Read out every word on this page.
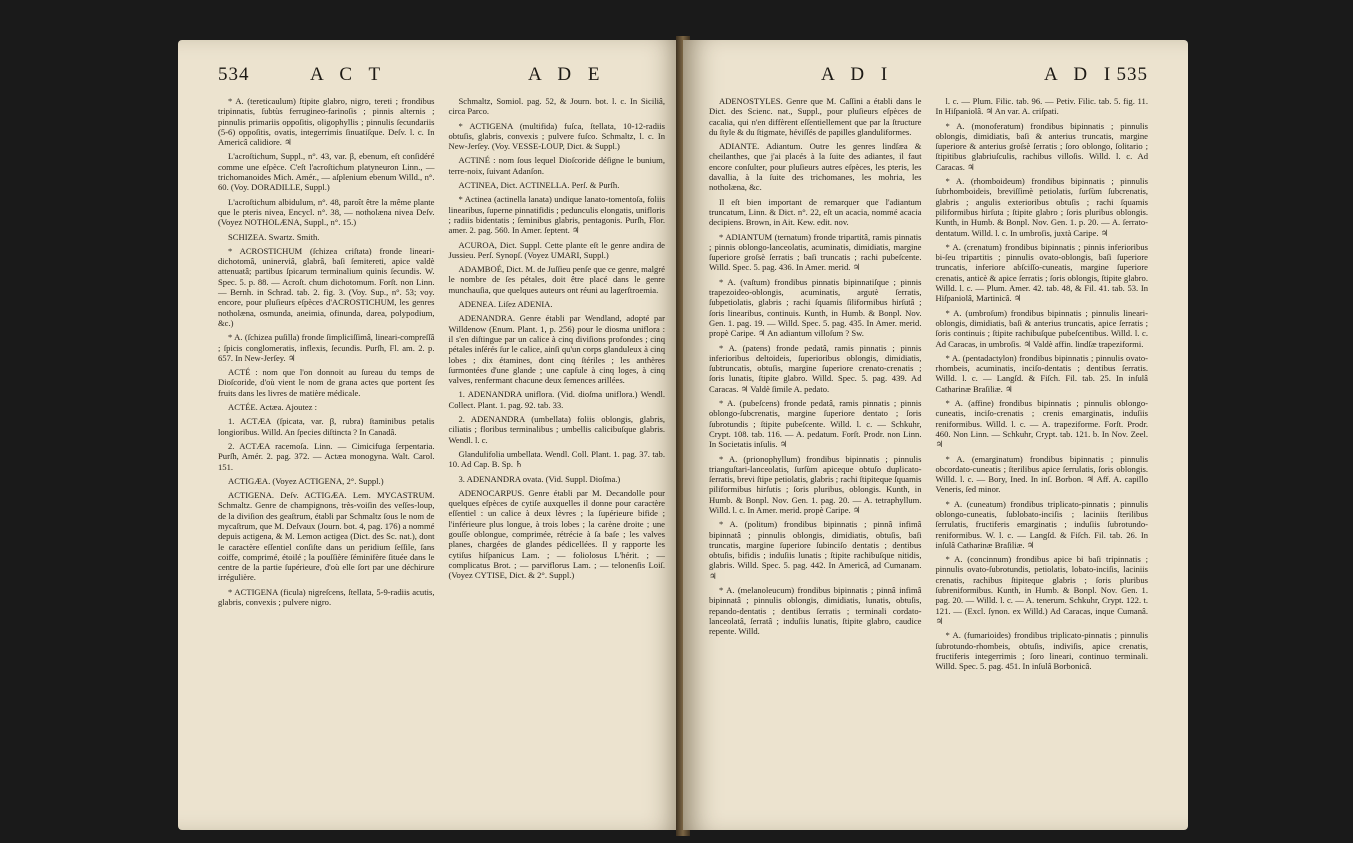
534	A C T	A D E

* A. (tereticaulum) ſtipite glabro, nigro, tereti ; frondibus tripinnatis, ſubtùs ferrugineo-farinoſis ; pinnis alternis ; pinnulis primariis oppoſitis, oligophyllis ; pinnulis ſecundariis (5-6) oppoſitis, ovatis, integerrimis ſinuatiſque. Deſv. l. c. In Americâ calidiore. ♃

L'acroſtichum, Suppl., n°. 43, var. β, ebenum, eſt conſidéré comme une eſpèce. C'eſt l'acroſtichum platyneuron Linn., — trichomanoides Mich. Amér., — aſplenium ebenum Willd., n°. 60. (Voy. DORADILLE, Suppl.)

L'acroſtichum albidulum, n°. 48, paroît être la même plante que le pteris nivea, Encycl. n°. 38, — notholæna nivea Deſv. (Voyez NOTHOLÆNA, Suppl., n°. 15.)

SCHIZEA. Swartz. Smith.

* ACROSTICHUM (ſchizea criſtata) fronde lineari-dichotomâ, uninerviâ, glabrâ, baſi ſemitereti, apice valdè attenuatâ; partibus ſpicarum terminalium quinis ſecundis. W. Spec. 5. p. 88. — Acroſt. chum dichotomum. Forſt. non Linn. — Bernh. in Schrad. tab. 2. fig. 3. (Voy. Sup., n°. 53; voy. encore, pour pluſieurs eſpèces d'ACROSTICHUM, les genres notholæna, osmunda, aneimia, ofinunda, darea, polypodium, &c.)

* A. (ſchizea puſilla) fronde ſimpliciſſimâ, lineari-compreſſâ ; ſpicis conglomeratis, inflexis, ſecundis. Purſh, Fl. am. 2. p. 657. In New-Jerſey. ♃

ACTÉ : nom que l'on donnoit au ſureau du temps de Dioſcoride, d'où vient le nom de grana actes que portent ſes fruits dans les livres de matière médicale.

ACTÉE. Actæa. Ajoutez :

1. ACTÆA (ſpicata, var. β, rubra) ſtaminibus petalis longioribus. Willd. An ſpecies diſtincta ? In Canadâ.

2. ACTÆA racemoſa. Linn. — Cimicifuga ſerpentaria. Purſh, Amér. 2. pag. 372. — Actæa monogyna. Walt. Carol. 151.

ACTIGÆA. (Voyez ACTIGENA, 2°. Suppl.)

ACTIGENA. Deſv. ACTIGÆA. Lem. MYCASTRUM. Schmaltz. Genre de champignons, très-voiſin des veſſes-loup, de la diviſion des geaſtrum, établi par Schmaltz ſous le nom de mycaſtrum, que M. Deſvaux (Journ. bot. 4, pag. 176) a nommé depuis actigena, & M. Lemon actigea (Dict. des Sc. nat.), dont le caractère eſſentiel conſiſte dans un peridium ſeſſile, ſans coiffe, comprimé, étoilé ; la pouſſière ſéminifère ſituée dans le centre de la partie ſupérieure, d'où elle ſort par une déchirure irrégulière.

* ACTIGENA (ficula) nigreſcens, ſtellata, 5-9-radiis acutis, glabris, convexis ; pulvere nigro.

Schmaltz, Somiol. pag. 52, & Journ. bot. l. c. In Siciliâ, circa Parco.

* ACTIGENA (multifida) fuſca, ſtellata, 10-12-radiis obtuſis, glabris, convexis ; pulvere fuſco. Schmaltz, l. c. In New-Jerſey. (Voy. VESSE-LOUP, Dict. & Suppl.)

ACTINÉ : nom ſous lequel Dioſcoride déſigne le bunium, terre-noix, ſuivant Adanſon.

ACTINEA, Dict. ACTINELLA. Perſ. & Purſh.

* Actinea (actinella lanata) undique lanato-tomentoſa, foliis linearibus, ſuperne pinnatifidis ; pedunculis elongatis, unifloris ; radiis bidentatis ; ſeminibus glabris, pentagonis. Purſh, Flor. amer. 2. pag. 560. In Amer. ſeptent. ♃

ACUROA, Dict. Suppl. Cette plante eſt le genre andira de Jussieu. Perſ. Synopſ. (Voyez UMARI, Suppl.)

ADAMBOÉ, Dict. M. de Juſſieu penſe que ce genre, malgré le nombre de ſes pétales, doit être placé dans le genre munchauſia, que quelques auteurs ont réuni au lagerſtroemia.

ADENEA. Liſez ADENIA.

ADENANDRA. Genre établi par Wendland, adopté par Willdenow (Enum. Plant. 1, p. 256) pour le diosma uniflora : il s'en diſtingue par un calice à cinq diviſions profondes ; cinq pétales inſérés ſur le calice, ainſi qu'un corps glanduleux à cinq lobes ; dix étamines, dont cinq ſtériles ; les anthères ſurmontées d'une glande ; une capſule à cinq loges, à cinq valves, renfermant chacune deux ſemences arillées.

1. ADENANDRA uniflora. (Vid. dioſma uniflora.) Wendl. Collect. Plant. 1. pag. 92. tab. 33.

2. ADENANDRA (umbellata) foliis oblongis, glabris, ciliatis ; floribus terminalibus ; umbellis calicibuſque glabris. Wendl. l. c.

Glandulifolia umbellata. Wendl. Coll. Plant. 1. pag. 37. tab. 10. Ad Cap. B. Sp. ♄

3. ADENANDRA ovata. (Vid. Suppl. Dioſma.)

ADENOCARPUS. Genre établi par M. Decandolle pour quelques eſpèces de cytiſe auxquelles il donne pour caractère eſſentiel : un calice à deux lèvres ; la ſupérieure bifide ; l'inférieure plus longue, à trois lobes ; la carène droite ; une gouſſe oblongue, comprimée, rétrécie à ſa baſe ; les valves planes, chargées de glandes pédicellées. Il y rapporte les cytiſus hiſpanicus Lam. ; — foliolosus L'hérit. ; — complicatus Brot. ; — parviflorus Lam. ; — telonenſis Loiſ. (Voyez CYTISE, Dict. & 2°. Suppl.)

A D I	A D I 535

ADENOSTYLES. Genre que M. Caſſini a établi dans le Dict. des Scienc. nat., Suppl., pour pluſieurs eſpèces de cacalia, qui n'en diffèrent eſſentiellement que par la ſtructure du ſtyle & du ſtigmate, héviſſés de papilles glanduliformes.

ADIANTE. Adiantum. Outre les genres lindſæa & cheilanthes, que j'ai placés à la ſuite des adiantes, il faut encore conſulter, pour pluſieurs autres eſpèces, les pteris, les davallia, à la ſuite des trichomanes, les mohria, les notholæna, &c.

Il eſt bien important de remarquer que l'adiantum truncatum, Linn. & Dict. n°. 22, eſt un acacia, nommé acacia decipiens. Brown, in Ait. Kew. edit. nov.

* ADIANTUM (ternatum) fronde tripartitâ, ramis pinnatis ; pinnis oblongo-lanceolatis, acuminatis, dimidiatis, margine ſuperiore groſsè ſerratis ; baſi truncatis ; rachi pubeſcente. Willd. Spec. 5. pag. 436. In Amer. merid. ♃

* A. (vaſtum) frondibus pinnatis bipinnatiſque ; pinnis trapezoideo-oblongis, acuminatis, argutè ſerratis, ſubpetiolatis, glabris ; rachi ſquamis ſiliformibus hirſutâ ; ſoris linearibus, continuis. Kunth, in Humb. & Bonpl. Nov. Gen. 1. pag. 19. — Willd. Spec. 5. pag. 435. In Amer. merid. propè Caripe. ♃ An adiantum villoſum ? Sw.

* A. (patens) fronde pedatâ, ramis pinnatis ; pinnis inferioribus deltoideis, ſuperioribus oblongis, dimidiatis, ſubtruncatis, obtuſis, margine ſuperiore crenato-crenatis ; ſoris lunatis, ſtipite glabro. Willd. Spec. 5. pag. 439. Ad Caracas. ♃ Valdè ſimile A. pedato.

* A. (pubeſcens) fronde pedatâ, ramis pinnatis ; pinnis oblongo-ſubcrenatis, margine ſuperiore dentato ; ſoris ſubrotundis ; ſtipite pubeſcente. Willd. l. c. — Schkuhr, Crypt. 108. tab. 116. — A. pedatum. Forſt. Prodr. non Linn. In Societatis inſulis. ♃

* A. (prionophyllum) frondibus bipinnatis ; pinnulis trianguſtari-lanceolatis, ſurſùm apiceque obtuſo duplicato-ſerratis, brevi ſtipe petiolatis, glabris ; rachi ſtipiteque ſquamis piliformibus hirſutis ; ſoris pluribus, oblongis. Kunth, in Humb. & Bonpl. Nov. Gen. 1. pag. 20. — A. tetraphyllum. Willd. l. c. In Amer. merid. propè Caripe. ♃

* A. (politum) frondibus bipinnatis ; pinnâ infimâ bipinnatâ ; pinnulis oblongis, dimidiatis, obtuſis, baſi truncatis, margine ſuperiore ſubinciſo dentatis ; dentibus obtuſis, bifidis ; induſiis lunatis ; ſtipite rachibuſque nitidis, glabris. Willd. Spec. 5. pag. 442. In Americâ, ad Cumanam. ♃

* A. (melanoleucum) frondibus bipinnatis ; pinnâ infimâ bipinnatâ ; pinnulis oblongis, dimidiatis, lunatis, obtuſis, repando-dentatis ; dentibus ſerratis ; terminali cordato-lanceolatâ, ſerratâ ; induſiis lunatis, ſtipite glabro, caudice repente. Willd.

l. c. — Plum. Filic. tab. 96. — Petiv. Filic. tab. 5. fig. 11. In Hiſpaniolâ. ♃ An var. A. criſpati.

* A. (monoferatum) frondibus bipinnatis ; pinnulis oblongis, dimidiatis, baſi & anterius truncatis, margine ſuperiore & anterius groſsè ſerratis ; ſoro oblongo, ſolitario ; ſtipitibus glabriuſculis, rachibus villoſis. Willd. l. c. Ad Caracas. ♃

* A. (rhomboideum) frondibus bipinnatis ; pinnulis ſubrhomboideis, breviſſimè petiolatis, ſurſùm ſubcrenatis, glabris ; angulis exterioribus obtuſis ; rachi ſquamis piliformibus hirſuta ; ſtipite glabro ; ſoris pluribus oblongis. Kunth, in Humb. & Bonpl. Nov. Gen. 1. p. 20. — A. ſerrato-dentatum. Willd. l. c. In umbroſis, juxtà Caripe. ♃

* A. (crenatum) frondibus bipinnatis ; pinnis inferioribus bi-ſeu tripartitis ; pinnulis ovato-oblongis, baſi ſuperiore truncatis, inferiore abſciſſo-cuneatis, margine ſuperiore crenatis, anticè & apice ſerratis ; ſoris oblongis, ſtipite glabro. Willd. l. c. — Plum. Amer. 42. tab. 48, & Fil. 41. tab. 53. In Hiſpaniolâ, Martinicâ. ♃

* A. (umbroſum) frondibus bipinnatis ; pinnulis lineari-oblongis, dimidiatis, baſi & anterius truncatis, apice ſerratis ; ſoris continuis ; ſtipite rachibuſque pubeſcentibus. Willd. l. c. Ad Caracas, in umbroſis. ♃ Valdè affin. lindſæ trapeziformi.

* A. (pentadactylon) frondibus bipinnatis ; pinnulis ovato-rhombeis, acuminatis, inciſo-dentatis ; dentibus ſerratis. Willd. l. c. — Langſd. & Fiſch. Fil. tab. 25. In inſulâ Catharinæ Braſiliæ. ♃

* A. (affine) frondibus bipinnatis ; pinnulis oblongo-cuneatis, inciſo-crenatis ; crenis emarginatis, induſiis reniformibus. Willd. l. c. — A. trapeziforme. Forſt. Prodr. 460. Non Linn. — Schkuhr, Crypt. tab. 121. b. In Nov. Zeel. ♃

* A. (emarginatum) frondibus bipinnatis ; pinnulis obcordato-cuneatis ; ſterilibus apice ſerrulatis, ſoris oblongis. Willd. l. c. — Bory, Ined. In inſ. Borbon. ♃ Aff. A. capillo Veneris, ſed minor.

* A. (cuneatum) frondibus triplicato-pinnatis ; pinnulis oblongo-cuneatis, ſublobato-inciſis ; laciniis ſterilibus ſerrulatis, fructiferis emarginatis ; induſiis ſubrotundo-reniformibus. W. l. c. — Langſd. & Fiſch. Fil. tab. 26. In inſulâ Catharinæ Braſiliæ. ♃

* A. (concinnum) frondibus apice bi baſi tripinnatis ; pinnulis ovato-ſubrotundis, petiolatis, lobato-inciſis, laciniis crenatis, rachibus ſtipiteque glabris ; ſoris pluribus ſubreniformibus. Kunth, in Humb. & Bonpl. Nov. Gen. 1. pag. 20. — Willd. l. c. — A. tenerum. Schkuhr, Crypt. 122. t. 121. — (Excl. ſynon. ex Willd.) Ad Caracas, inque Cumanâ. ♃

* A. (fumarioides) frondibus triplicato-pinnatis ; pinnulis ſubrotundo-rhombeis, obtuſis, indiviſis, apice crenatis, fructiferis integerrimis ; ſoro lineari, continuo terminali. Willd. Spec. 5. pag. 451. In inſulâ Borbonicâ.
